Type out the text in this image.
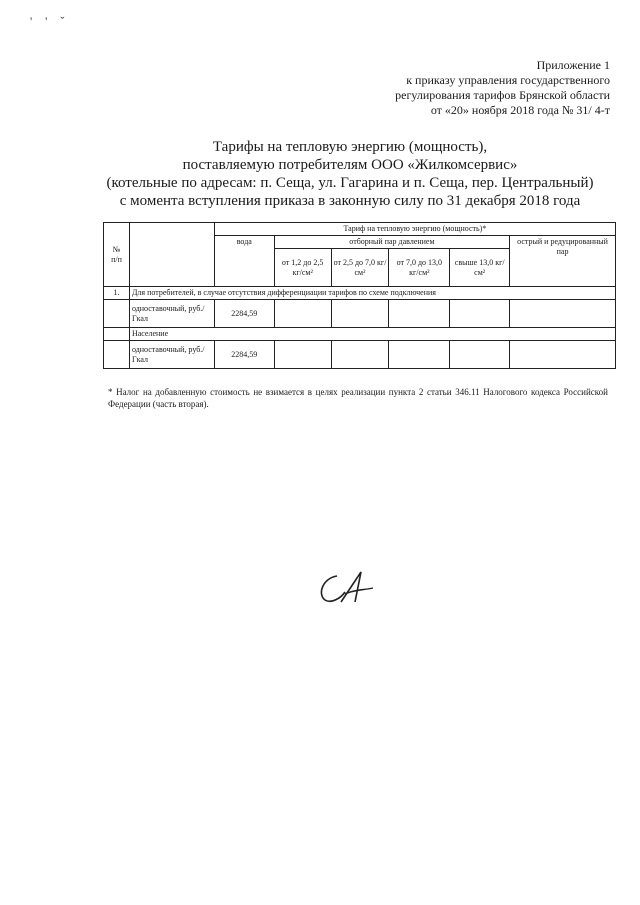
' ' ˇ
Приложение 1
к приказу управления государственного
регулирования тарифов Брянской области
от «20» ноября 2018 года № 31/ 4-т
Тарифы на тепловую энергию (мощность),
поставляемую потребителям ООО «Жилкомсервис»
(котельные по адресам: п. Сеща, ул. Гагарина и п. Сеща, пер. Центральный)
с момента вступления приказа в законную силу по 31 декабря 2018 года
№
п/п		Тариф на тепловую энергию (мощность)*					
		вода	отборный пар давлением				острый и редуцированный пар
			от 1,2 до 2,5 кг/см²	от 2,5 до 7,0 кг/см²	от 7,0 до 13,0 кг/см²	свыше 13,0 кг/см²	
1.	Для потребителей, в случае отсутствия дифференциации тарифов по схеме подключения						
	одноставочный, руб./Гкал	2284,59					
	Население						
	одноставочный, руб./Гкал	2284,59					
* Налог на добавленную стоимость не взимается в целях реализации пункта 2 статьи 346.11 Налогового кодекса Российской Федерации (часть вторая).
